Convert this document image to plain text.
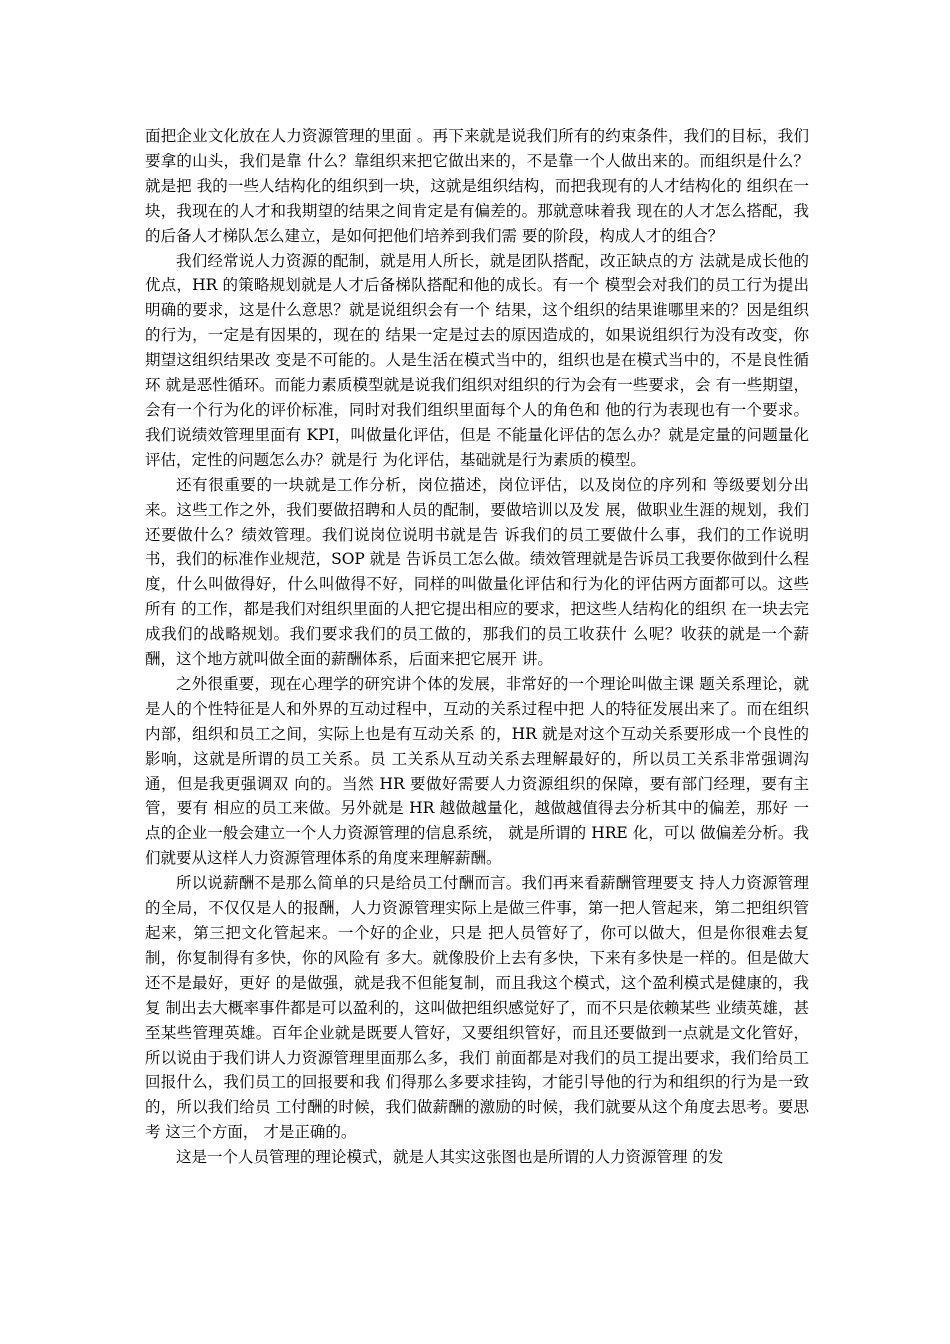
面把企业文化放在人力资源管理的里面 。再下来就是说我们所有的约束条件，我们的目标，我们要拿的山头，我们是靠 什么？靠组织来把它做出来的，不是靠一个人做出来的。而组织是什么？就是把 我的一些人结构化的组织到一块，这就是组织结构，而把我现有的人才结构化的 组织在一块，我现在的人才和我期望的结果之间肯定是有偏差的。那就意味着我 现在的人才怎么搭配，我的后备人才梯队怎么建立，是如何把他们培养到我们需 要的阶段，构成人才的组合？

我们经常说人力资源的配制，就是用人所长，就是团队搭配，改正缺点的方 法就是成长他的优点，HR 的策略规划就是人才后备梯队搭配和他的成长。有一个 模型会对我们的员工行为提出明确的要求，这是什么意思？就是说组织会有一个 结果，这个组织的结果谁哪里来的？因是组织的行为，一定是有因果的，现在的 结果一定是过去的原因造成的，如果说组织行为没有改变，你期望这组织结果改 变是不可能的。人是生活在模式当中的，组织也是在模式当中的，不是良性循环 就是恶性循环。而能力素质模型就是说我们组织对组织的行为会有一些要求，会 有一些期望，会有一个行为化的评价标准，同时对我们组织里面每个人的角色和 他的行为表现也有一个要求。我们说绩效管理里面有 KPI，叫做量化评估，但是 不能量化评估的怎么办？就是定量的问题量化评估，定性的问题怎么办？就是行 为化评估，基础就是行为素质的模型。

还有很重要的一块就是工作分析，岗位描述，岗位评估，以及岗位的序列和 等级要划分出来。这些工作之外，我们要做招聘和人员的配制，要做培训以及发 展，做职业生涯的规划，我们还要做什么？绩效管理。我们说岗位说明书就是告 诉我们的员工要做什么事，我们的工作说明书，我们的标准作业规范，SOP 就是 告诉员工怎么做。绩效管理就是告诉员工我要你做到什么程度，什么叫做得好，什么叫做得不好，同样的叫做量化评估和行为化的评估两方面都可以。这些所有 的工作，都是我们对组织里面的人把它提出相应的要求，把这些人结构化的组织 在一块去完成我们的战略规划。我们要求我们的员工做的，那我们的员工收获什 么呢？收获的就是一个薪酬，这个地方就叫做全面的薪酬体系，后面来把它展开 讲。

之外很重要，现在心理学的研究讲个体的发展，非常好的一个理论叫做主课 题关系理论，就是人的个性特征是人和外界的互动过程中，互动的关系过程中把 人的特征发展出来了。而在组织内部，组织和员工之间，实际上也是有互动关系 的，HR 就是对这个互动关系要形成一个良性的影响，这就是所谓的员工关系。员 工关系从互动关系去理解最好的，所以员工关系非常强调沟通，但是我更强调双 向的。当然 HR 要做好需要人力资源组织的保障，要有部门经理，要有主管，要有 相应的员工来做。另外就是 HR 越做越量化，越做越值得去分析其中的偏差，那好 一点的企业一般会建立一个人力资源管理的信息系统， 就是所谓的 HRE 化，可以 做偏差分析。我们就要从这样人力资源管理体系的角度来理解薪酬。

所以说薪酬不是那么简单的只是给员工付酬而言。我们再来看薪酬管理要支 持人力资源管理的全局，不仅仅是人的报酬，人力资源管理实际上是做三件事，第一把人管起来，第二把组织管起来，第三把文化管起来。一个好的企业，只是 把人员管好了，你可以做大，但是你很难去复制，你复制得有多快，你的风险有 多大。就像股价上去有多快，下来有多快是一样的。但是做大还不是最好，更好 的是做强，就是我不但能复制，而且我这个模式，这个盈利模式是健康的，我复 制出去大概率事件都是可以盈利的，这叫做把组织感觉好了，而不只是依赖某些 业绩英雄，甚至某些管理英雄。百年企业就是既要人管好，又要组织管好，而且还要做到一点就是文化管好，所以说由于我们讲人力资源管理里面那么多，我们 前面都是对我们的员工提出要求，我们给员工回报什么，我们员工的回报要和我 们得那么多要求挂钩，才能引导他的行为和组织的行为是一致的，所以我们给员 工付酬的时候，我们做薪酬的激励的时候，我们就要从这个角度去思考。要思考 这三个方面， 才是正确的。

这是一个人员管理的理论模式，就是人其实这张图也是所谓的人力资源管理 的发
